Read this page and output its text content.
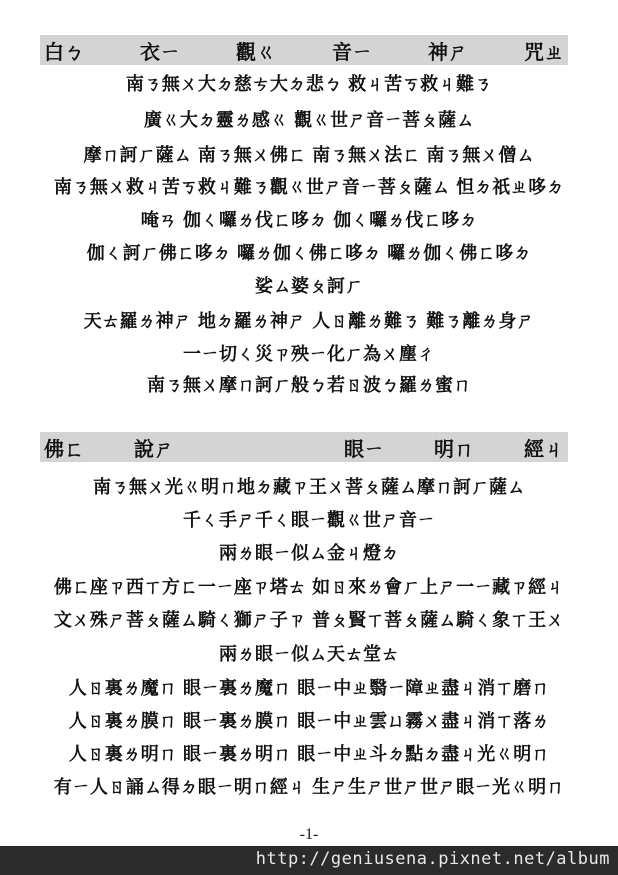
白ㄅ	衣ㄧ	觀ㄍ	音ㄧ	神ㄕ	咒ㄓ
南ㄋ無ㄨ大ㄉ慈ㄘ大ㄉ悲ㄅ 救ㄐ苦ㄎ救ㄐ難ㄋ
廣ㄍ大ㄉ靈ㄌ感ㄍ 觀ㄍ世ㄕ音ㄧ菩ㄆ薩ㄙ
摩ㄇ訶ㄏ薩ㄙ 南ㄋ無ㄨ佛ㄈ 南ㄋ無ㄨ法ㄈ 南ㄋ無ㄨ僧ㄙ
南ㄋ無ㄨ救ㄐ苦ㄎ救ㄐ難ㄋ觀ㄍ世ㄕ音ㄧ菩ㄆ薩ㄙ 怛ㄉ祇ㄓ哆ㄉ
唵ㄢ 伽ㄑ囉ㄌ伐ㄈ哆ㄉ 伽ㄑ囉ㄌ伐ㄈ哆ㄉ
伽ㄑ訶ㄏ佛ㄈ哆ㄉ 囉ㄌ伽ㄑ佛ㄈ哆ㄉ 囉ㄌ伽ㄑ佛ㄈ哆ㄉ
娑ㄙ婆ㄆ訶ㄏ
天ㄊ羅ㄌ神ㄕ 地ㄉ羅ㄌ神ㄕ 人ㄖ離ㄌ難ㄋ 難ㄋ離ㄌ身ㄕ
一ㄧ切ㄑ災ㄗ殃ㄧ化ㄏ為ㄨ塵ㄔ
南ㄋ無ㄨ摩ㄇ訶ㄏ般ㄅ若ㄖ波ㄅ羅ㄌ蜜ㄇ
佛ㄈ	說ㄕ	眼ㄧ	明ㄇ	經ㄐ
南ㄋ無ㄨ光ㄍ明ㄇ地ㄉ藏ㄗ王ㄨ菩ㄆ薩ㄙ摩ㄇ訶ㄏ薩ㄙ
千ㄑ手ㄕ千ㄑ眼ㄧ觀ㄍ世ㄕ音ㄧ
兩ㄌ眼ㄧ似ㄙ金ㄐ燈ㄉ
佛ㄈ座ㄗ西ㄒ方ㄈ一ㄧ座ㄗ塔ㄊ 如ㄖ來ㄌ會ㄏ上ㄕ一ㄧ藏ㄗ經ㄐ
文ㄨ殊ㄕ菩ㄆ薩ㄙ騎ㄑ獅ㄕ子ㄗ 普ㄆ賢ㄒ菩ㄆ薩ㄙ騎ㄑ象ㄒ王ㄨ
兩ㄌ眼ㄧ似ㄙ天ㄊ堂ㄊ
人ㄖ裏ㄌ魔ㄇ 眼ㄧ裏ㄌ魔ㄇ 眼ㄧ中ㄓ翳ㄧ障ㄓ盡ㄐ消ㄒ磨ㄇ
人ㄖ裏ㄌ膜ㄇ 眼ㄧ裏ㄌ膜ㄇ 眼ㄧ中ㄓ雲ㄩ霧ㄨ盡ㄐ消ㄒ落ㄌ
人ㄖ裏ㄌ明ㄇ 眼ㄧ裏ㄌ明ㄇ 眼ㄧ中ㄓ斗ㄉ點ㄉ盡ㄐ光ㄍ明ㄇ
有ㄧ人ㄖ誦ㄙ得ㄉ眼ㄧ明ㄇ經ㄐ 生ㄕ生ㄕ世ㄕ世ㄕ眼ㄧ光ㄍ明ㄇ
-1-
http://geniusena.pixnet.net/album
